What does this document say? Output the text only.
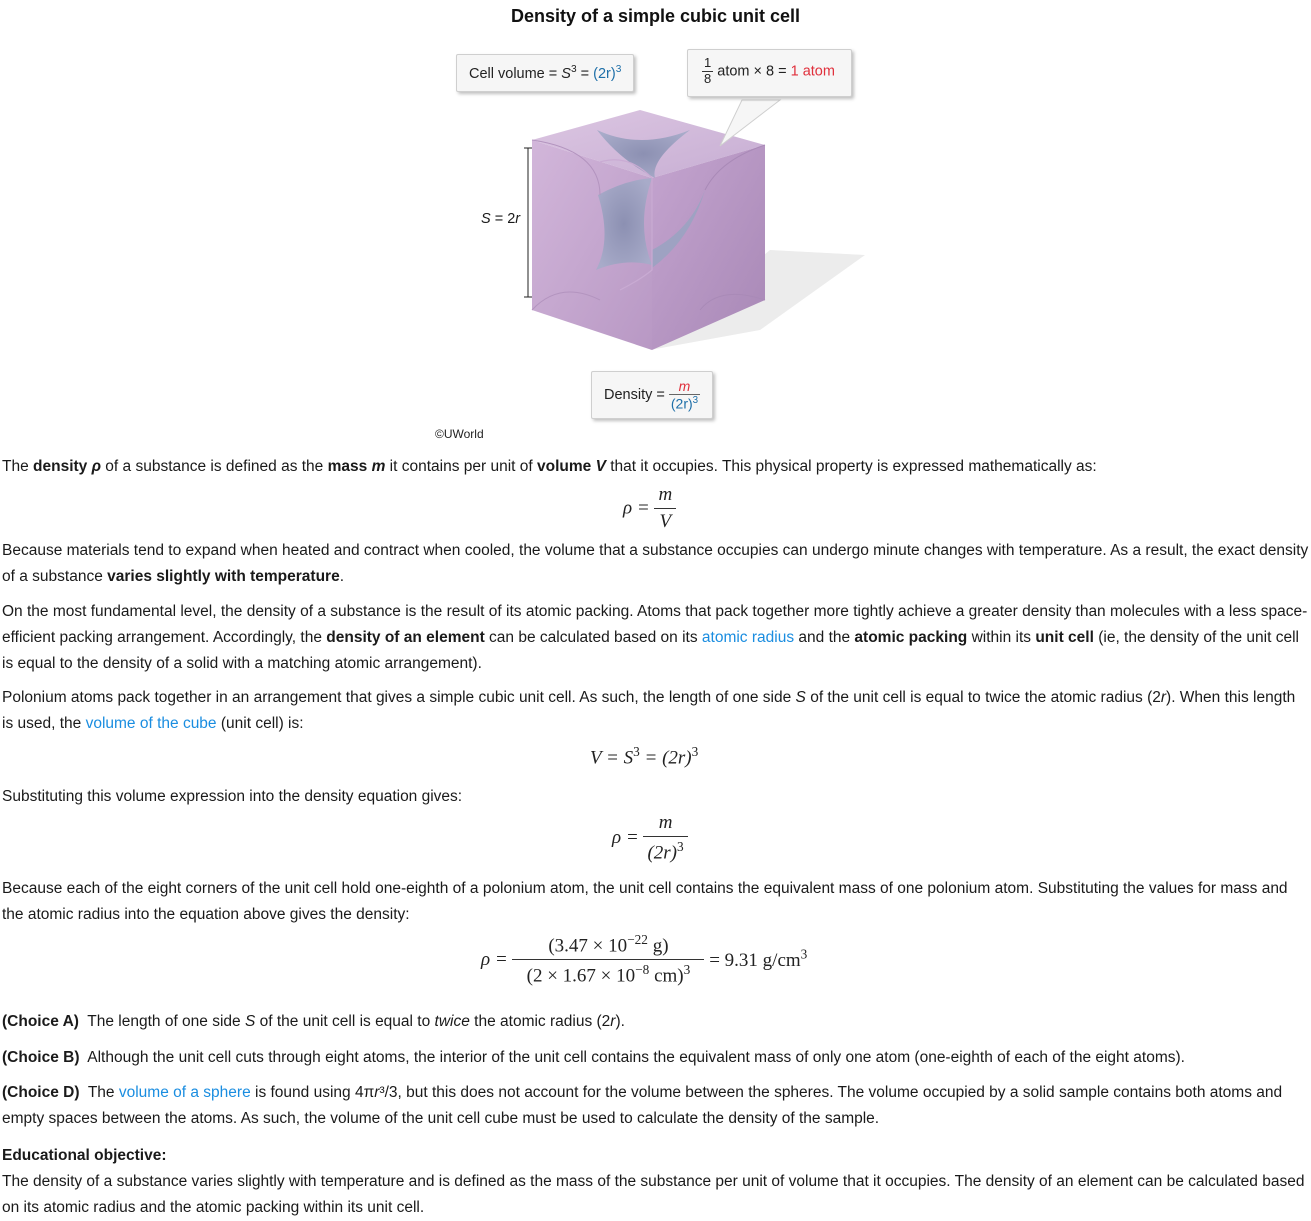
Density of a simple cubic unit cell
Cell volume = $S^3 = (2r)^3$	$\frac{1}{8}$ atom × 8 = 1 atom
S = 2r
Density = $\frac{m}{(2r)^3}$
©UWorld
The density ρ of a substance is defined as the mass m it contains per unit of volume V that it occupies. This physical property is expressed mathematically as:
$\rho = \frac{m}{V}$
Because materials tend to expand when heated and contract when cooled, the volume that a substance occupies can undergo minute changes with temperature. As a result, the exact density of a substance varies slightly with temperature.
On the most fundamental level, the density of a substance is the result of its atomic packing. Atoms that pack together more tightly achieve a greater density than molecules with a less space-efficient packing arrangement. Accordingly, the density of an element can be calculated based on its atomic radius and the atomic packing within its unit cell (ie, the density of the unit cell is equal to the density of a solid with a matching atomic arrangement).
Polonium atoms pack together in an arrangement that gives a simple cubic unit cell. As such, the length of one side S of the unit cell is equal to twice the atomic radius (2r). When this length is used, the volume of the cube (unit cell) is:
$V = S^3 = (2r)^3$
Substituting this volume expression into the density equation gives:
$\rho = \frac{m}{(2r)^3}$
Because each of the eight corners of the unit cell hold one-eighth of a polonium atom, the unit cell contains the equivalent mass of one polonium atom. Substituting the values for mass and the atomic radius into the equation above gives the density:
$\rho = \frac{(3.47 \times 10^{-22} g)}{(2 \times 1.67 \times 10^{-8} cm)^3} = 9.31$ $g/cm^3$
(Choice A)  The length of one side S of the unit cell is equal to twice the atomic radius (2r).
(Choice B)  Although the unit cell cuts through eight atoms, the interior of the unit cell contains the equivalent mass of only one atom (one-eighth of each of the eight atoms).
(Choice D)  The volume of a sphere is found using 4πr³/3, but this does not account for the volume between the spheres. The volume occupied by a solid sample contains both atoms and empty spaces between the atoms. As such, the volume of the unit cell cube must be used to calculate the density of the sample.
Educational objective:
The density of a substance varies slightly with temperature and is defined as the mass of the substance per unit of volume that it occupies. The density of an element can be calculated based on its atomic radius and the atomic packing within its unit cell.
